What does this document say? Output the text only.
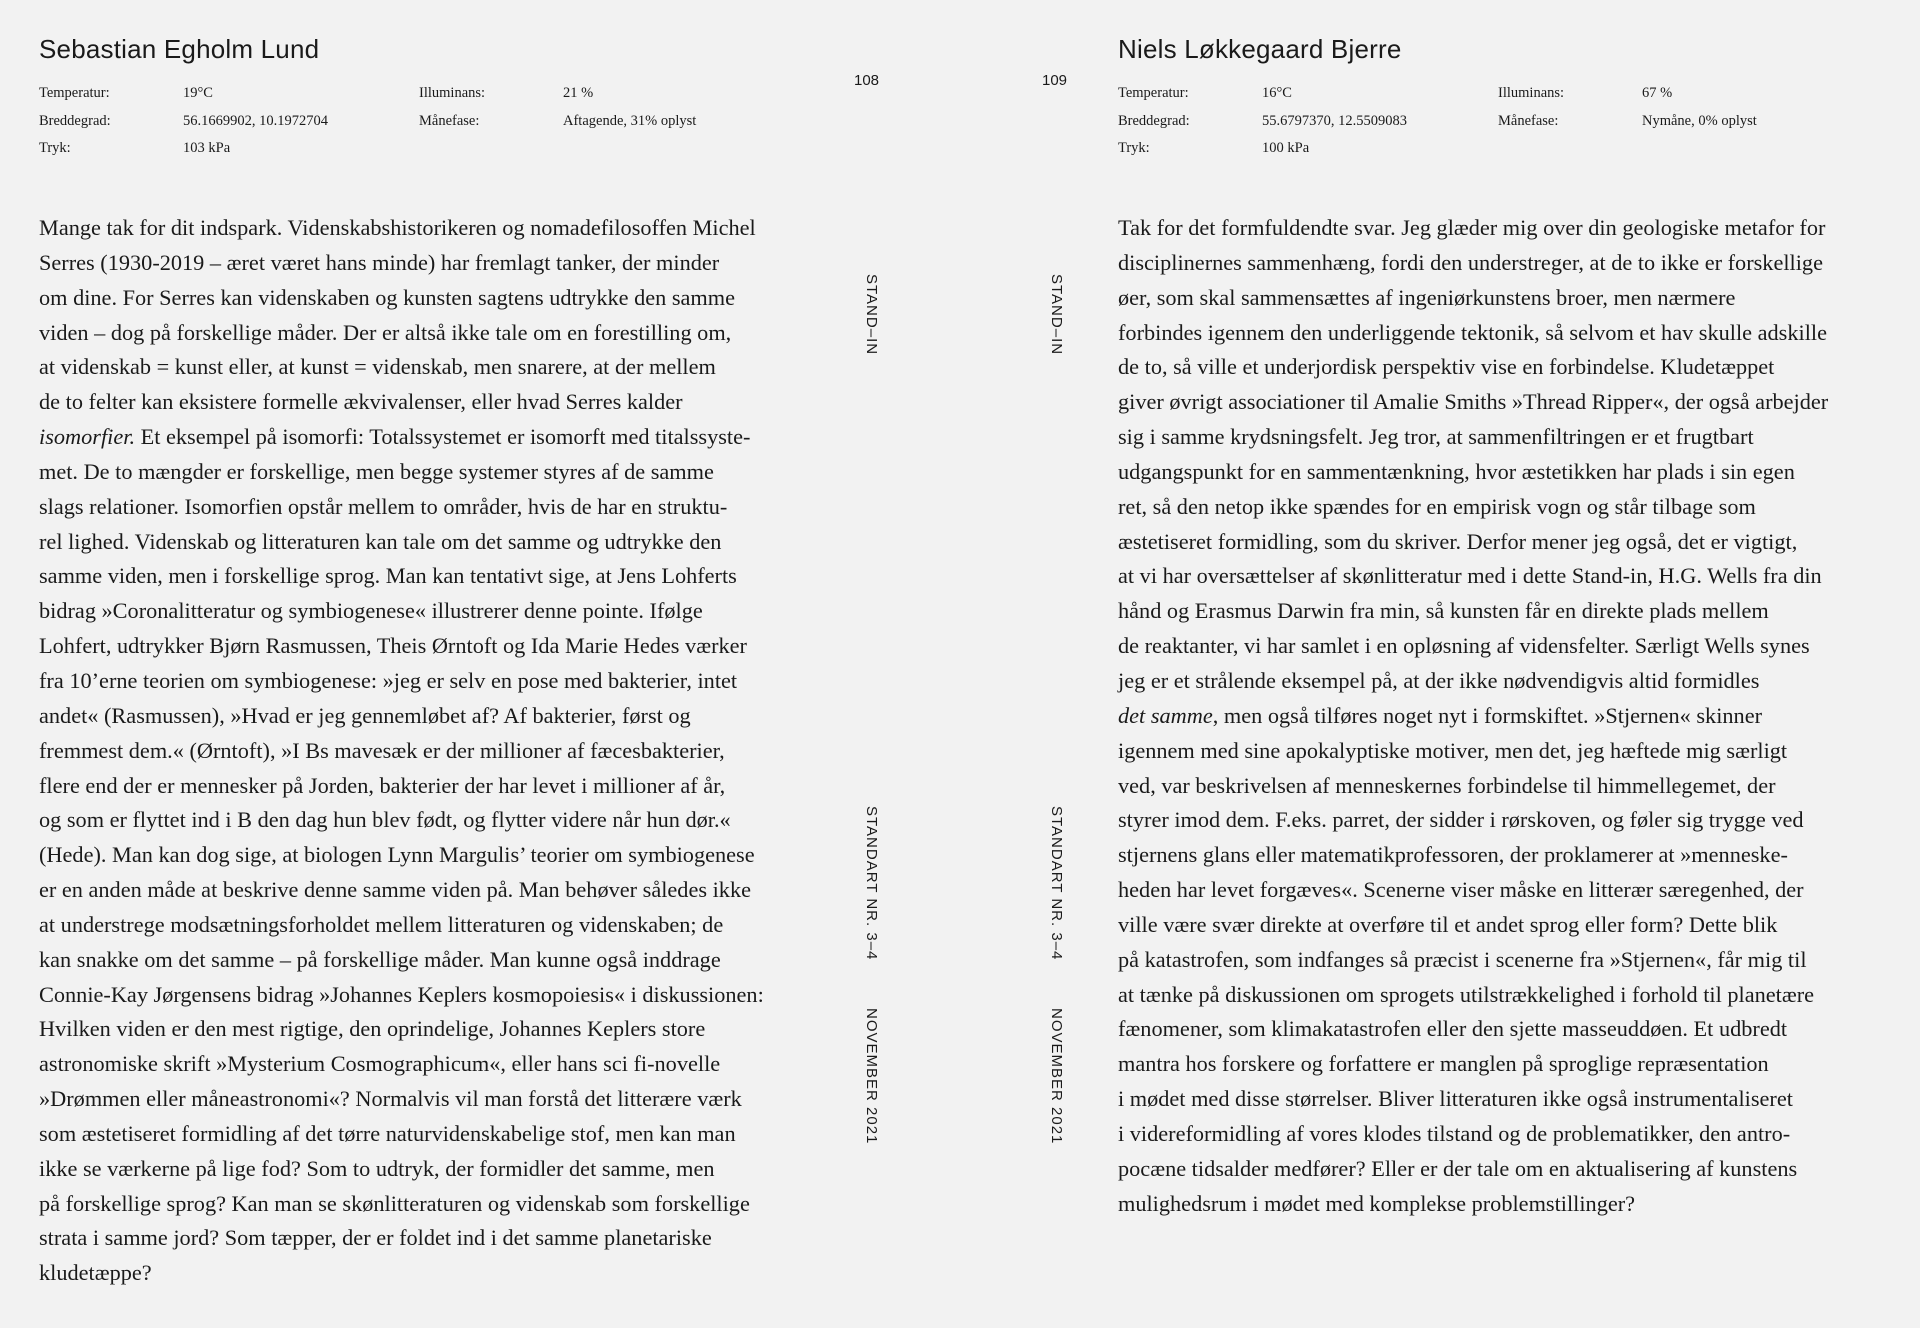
Sebastian Egholm Lund
Temperatur:	19°C	Illuminans:	21 %
Breddegrad:	56.1669902, 10.1972704	Månefase:	Aftagende, 31% oplyst
Tryk:	103 kPa
Mange tak for dit indspark. Videnskabshistorikeren og nomadefilosoffen Michel
Serres (1930-2019 – æret været hans minde) har fremlagt tanker, der minder
om dine. For Serres kan videnskaben og kunsten sagtens udtrykke den samme
viden – dog på forskellige måder. Der er altså ikke tale om en forestilling om,
at videnskab = kunst eller, at kunst = videnskab, men snarere, at der mellem
de to felter kan eksistere formelle ækvivalenser, eller hvad Serres kalder
isomorfier. Et eksempel på isomorfi: Totalssystemet er isomorft med titalssyste-
met. De to mængder er forskellige, men begge systemer styres af de samme
slags relationer. Isomorfien opstår mellem to områder, hvis de har en struktu-
rel lighed. Videnskab og litteraturen kan tale om det samme og udtrykke den
samme viden, men i forskellige sprog. Man kan tentativt sige, at Jens Lohferts
bidrag »Coronalitteratur og symbiogenese« illustrerer denne pointe. Ifølge
Lohfert, udtrykker Bjørn Rasmussen, Theis Ørntoft og Ida Marie Hedes værker
fra 10’erne teorien om symbiogenese: »jeg er selv en pose med bakterier, intet
andet« (Rasmussen), »Hvad er jeg gennemløbet af? Af bakterier, først og
fremmest dem.« (Ørntoft), »I Bs mavesæk er der millioner af fæcesbakterier,
flere end der er mennesker på Jorden, bakterier der har levet i millioner af år,
og som er flyttet ind i B den dag hun blev født, og flytter videre når hun dør.«
(Hede). Man kan dog sige, at biologen Lynn Margulis’ teorier om symbiogenese
er en anden måde at beskrive denne samme viden på. Man behøver således ikke
at understrege modsætningsforholdet mellem litteraturen og videnskaben; de
kan snakke om det samme – på forskellige måder. Man kunne også inddrage
Connie-Kay Jørgensens bidrag »Johannes Keplers kosmopoiesis« i diskussionen:
Hvilken viden er den mest rigtige, den oprindelige, Johannes Keplers store
astronomiske skrift »Mysterium Cosmographicum«, eller hans sci fi-novelle
»Drømmen eller måneastronomi«? Normalvis vil man forstå det litterære værk
som æstetiseret formidling af det tørre naturvidenskabelige stof, men kan man
ikke se værkerne på lige fod? Som to udtryk, der formidler det samme, men
på forskellige sprog? Kan man se skønlitteraturen og videnskab som forskellige
strata i samme jord? Som tæpper, der er foldet ind i det samme planetariske
kludetæppe?
108
STAND–IN
STANDART NR. 3–4
NOVEMBER 2021
Niels Løkkegaard Bjerre
Temperatur:	16°C	Illuminans:	67 %
Breddegrad:	55.6797370, 12.5509083	Månefase:	Nymåne, 0% oplyst
Tryk:	100 kPa
Tak for det formfuldendte svar. Jeg glæder mig over din geologiske metafor for
disciplinernes sammenhæng, fordi den understreger, at de to ikke er forskellige
øer, som skal sammensættes af ingeniørkunstens broer, men nærmere
forbindes igennem den underliggende tektonik, så selvom et hav skulle adskille
de to, så ville et underjordisk perspektiv vise en forbindelse. Kludetæppet
giver øvrigt associationer til Amalie Smiths »Thread Ripper«, der også arbejder
sig i samme krydsningsfelt. Jeg tror, at sammenfiltringen er et frugtbart
udgangspunkt for en sammentænkning, hvor æstetikken har plads i sin egen
ret, så den netop ikke spændes for en empirisk vogn og står tilbage som
æstetiseret formidling, som du skriver. Derfor mener jeg også, det er vigtigt,
at vi har oversættelser af skønlitteratur med i dette Stand-in, H.G. Wells fra din
hånd og Erasmus Darwin fra min, så kunsten får en direkte plads mellem
de reaktanter, vi har samlet i en opløsning af vidensfelter. Særligt Wells synes
jeg er et strålende eksempel på, at der ikke nødvendigvis altid formidles
det samme, men også tilføres noget nyt i formskiftet. »Stjernen« skinner
igennem med sine apokalyptiske motiver, men det, jeg hæftede mig særligt
ved, var beskrivelsen af menneskernes forbindelse til himmellegemet, der
styrer imod dem. F.eks. parret, der sidder i rørskoven, og føler sig trygge ved
stjernens glans eller matematikprofessoren, der proklamerer at »menneske-
heden har levet forgæves«. Scenerne viser måske en litterær særegenhed, der
ville være svær direkte at overføre til et andet sprog eller form? Dette blik
på katastrofen, som indfanges så præcist i scenerne fra »Stjernen«, får mig til
at tænke på diskussionen om sprogets utilstrækkelighed i forhold til planetære
fænomener, som klimakatastrofen eller den sjette masseuddøen. Et udbredt
mantra hos forskere og forfattere er manglen på sproglige repræsentation
i mødet med disse størrelser. Bliver litteraturen ikke også instrumentaliseret
i videreformidling af vores klodes tilstand og de problematikker, den antro-
pocæne tidsalder medfører? Eller er der tale om en aktualisering af kunstens
mulighedsrum i mødet med komplekse problemstillinger?
109
STAND–IN
STANDART NR. 3–4
NOVEMBER 2021
